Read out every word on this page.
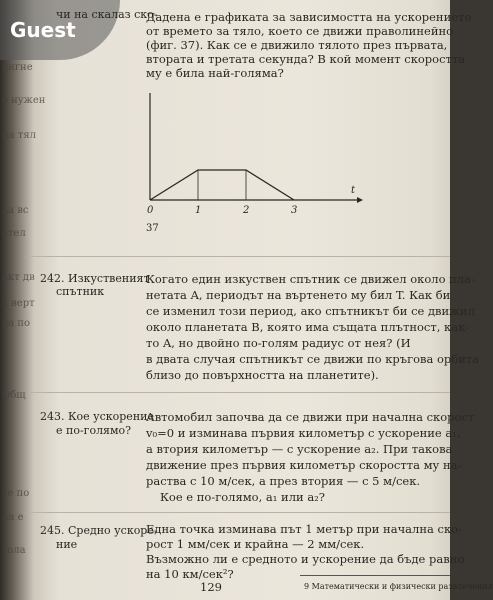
дигне
е нужен
иа тял
да вс
ател
акт дв
а верт
да по
Общ
зе по
ла е
гола
Guest
чи на скалаз ско-
Дадена е графиката за зависимостта на ускорението
от времето за тяло, което се движи праволинейно
(фиг. 37). Как се е движило тялото през първата,
втората и третата секунда? В кой момент скоростта
му е била най-голяма?
0	1	2	3
t
37
242. Изкуственият
спътник
Когато един изкуствен спътник се движел около пла-
нетата A, периодът на въртенето му бил T. Как би
се изменил този период, ако спътникът би се движил
около планетата B, която има същата плътност, как-
то A, но двойно по-голям радиус от нея? (И
в двата случая спътникът се движи по кръгова орбита
близо до повърхността на планетите).
243. Кое ускорение
е по-голямо?
Автомобил започва да се движи при начална скорост
v₀=0 и изминава първия километър с ускорение a₁,
а втория километър — с ускорение a₂. При такова
движение през първия километър скоростта му на-
раства с 10 м/сек, а през втория — с 5 м/сек.
Кое е по-голямо, a₁ или a₂?
245. Средно ускоре-
ние
Една точка изминава път 1 метър при начална ско-
рост 1 мм/сек и крайна — 2 мм/сек.
Възможно ли е средното и ускорение да бъде равно
на 10 км/сек²?
129	9 Математически и физически развлечения
